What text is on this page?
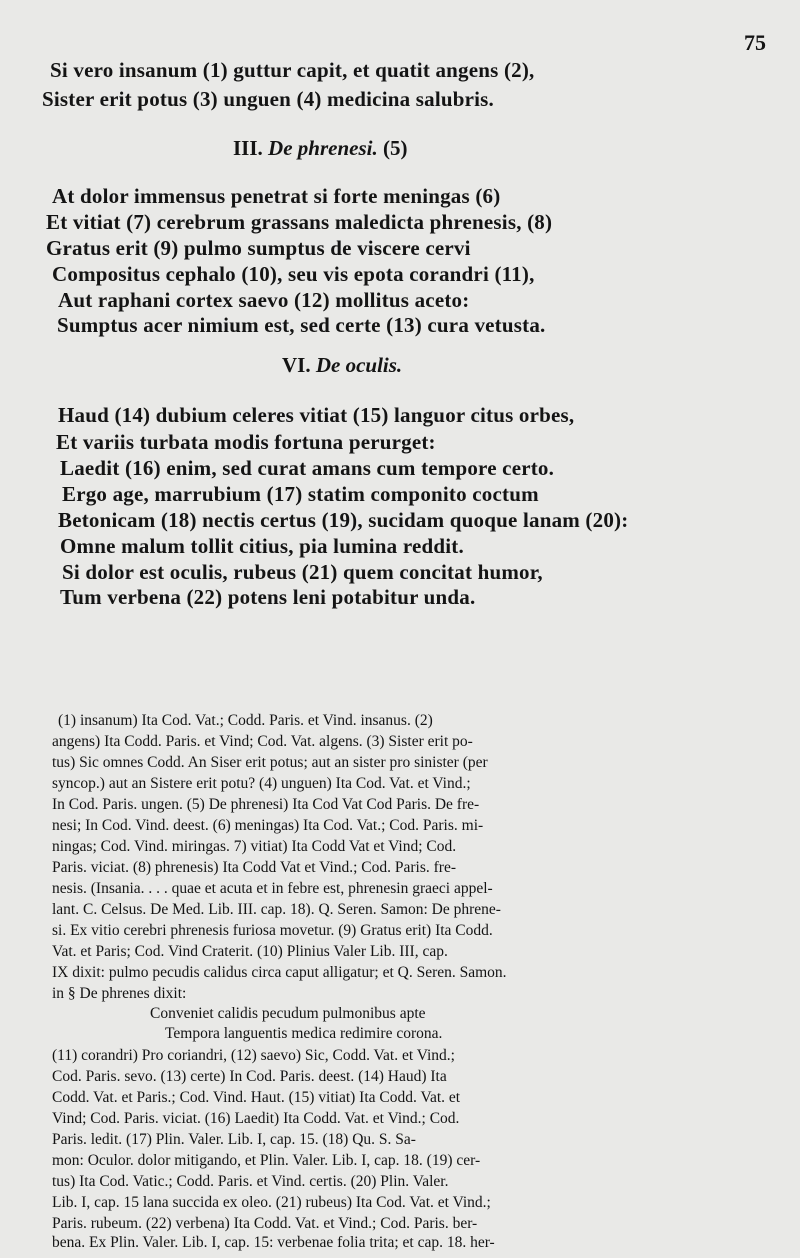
75
Si vero insanum (1) guttur capit, et quatit angens (2),
Sister erit potus (3) unguen (4) medicina salubris.
III. De phrenesi. (5)
At dolor immensus penetrat si forte meningas (6)
Et vitiat (7) cerebrum grassans maledicta phrenesis, (8)
Gratus erit (9) pulmo sumptus de viscere cervi
Compositus cephalo (10), seu vis epota corandri (11),
Aut raphani cortex saevo (12) mollitus aceto:
Sumptus acer nimium est, sed certe (13) cura vetusta.
VI. De oculis.
Haud (14) dubium celeres vitiat (15) languor citus orbes,
Et variis turbata modis fortuna perurget:
Laedit (16) enim, sed curat amans cum tempore certo.
Ergo age, marrubium (17) statim componito coctum
Betonicam (18) nectis certus (19), sucidam quoque lanam (20):
Omne malum tollit citius, pia lumina reddit.
Si dolor est oculis, rubeus (21) quem concitat humor,
Tum verbena (22) potens leni potabitur unda.
(1) insanum) Ita Cod. Vat.; Codd. Paris. et Vind. insanus. (2)
angens) Ita Codd. Paris. et Vind; Cod. Vat. algens. (3) Sister erit po-
tus) Sic omnes Codd. An Siser erit potus; aut an sister pro sinister (per
syncop.) aut an Sistere erit potu? (4) unguen) Ita Cod. Vat. et Vind.;
In Cod. Paris. ungen. (5) De phrenesi) Ita Cod Vat Cod Paris. De fre-
nesi; In Cod. Vind. deest. (6) meningas) Ita Cod. Vat.; Cod. Paris. mi-
ningas; Cod. Vind. miringas. 7) vitiat) Ita Codd Vat et Vind; Cod.
Paris. viciat. (8) phrenesis) Ita Codd Vat et Vind.; Cod. Paris. fre-
nesis. (Insania. . . . quae et acuta et in febre est, phrenesin graeci appel-
lant. C. Celsus. De Med. Lib. III. cap. 18). Q. Seren. Samon: De phrene-
si. Ex vitio cerebri phrenesis furiosa movetur. (9) Gratus erit) Ita Codd.
Vat. et Paris; Cod. Vind Craterit. (10) Plinius Valer Lib. III, cap.
IX dixit: pulmo pecudis calidus circa caput alligatur; et Q. Seren. Samon.
in § De phrenes dixit:
Conveniet calidis pecudum pulmonibus apte
Tempora languentis medica redimire corona.
(11) corandri) Pro coriandri, (12) saevo) Sic, Codd. Vat. et Vind.;
Cod. Paris. sevo. (13) certe) In Cod. Paris. deest. (14) Haud) Ita
Codd. Vat. et Paris.; Cod. Vind. Haut. (15) vitiat) Ita Codd. Vat. et
Vind; Cod. Paris. viciat. (16) Laedit) Ita Codd. Vat. et Vind.; Cod.
Paris. ledit. (17) Plin. Valer. Lib. I, cap. 15. (18) Qu. S. Sa-
mon: Oculor. dolor mitigando, et Plin. Valer. Lib. I, cap. 18. (19) cer-
tus) Ita Cod. Vatic.; Codd. Paris. et Vind. certis. (20) Plin. Valer.
Lib. I, cap. 15 lana succida ex oleo. (21) rubeus) Ita Cod. Vat. et Vind.;
Paris. rubeum. (22) verbena) Ita Codd. Vat. et Vind.; Cod. Paris. ber-
bena. Ex Plin. Valer. Lib. I, cap. 15: verbenae folia trita; et cap. 18. her-
